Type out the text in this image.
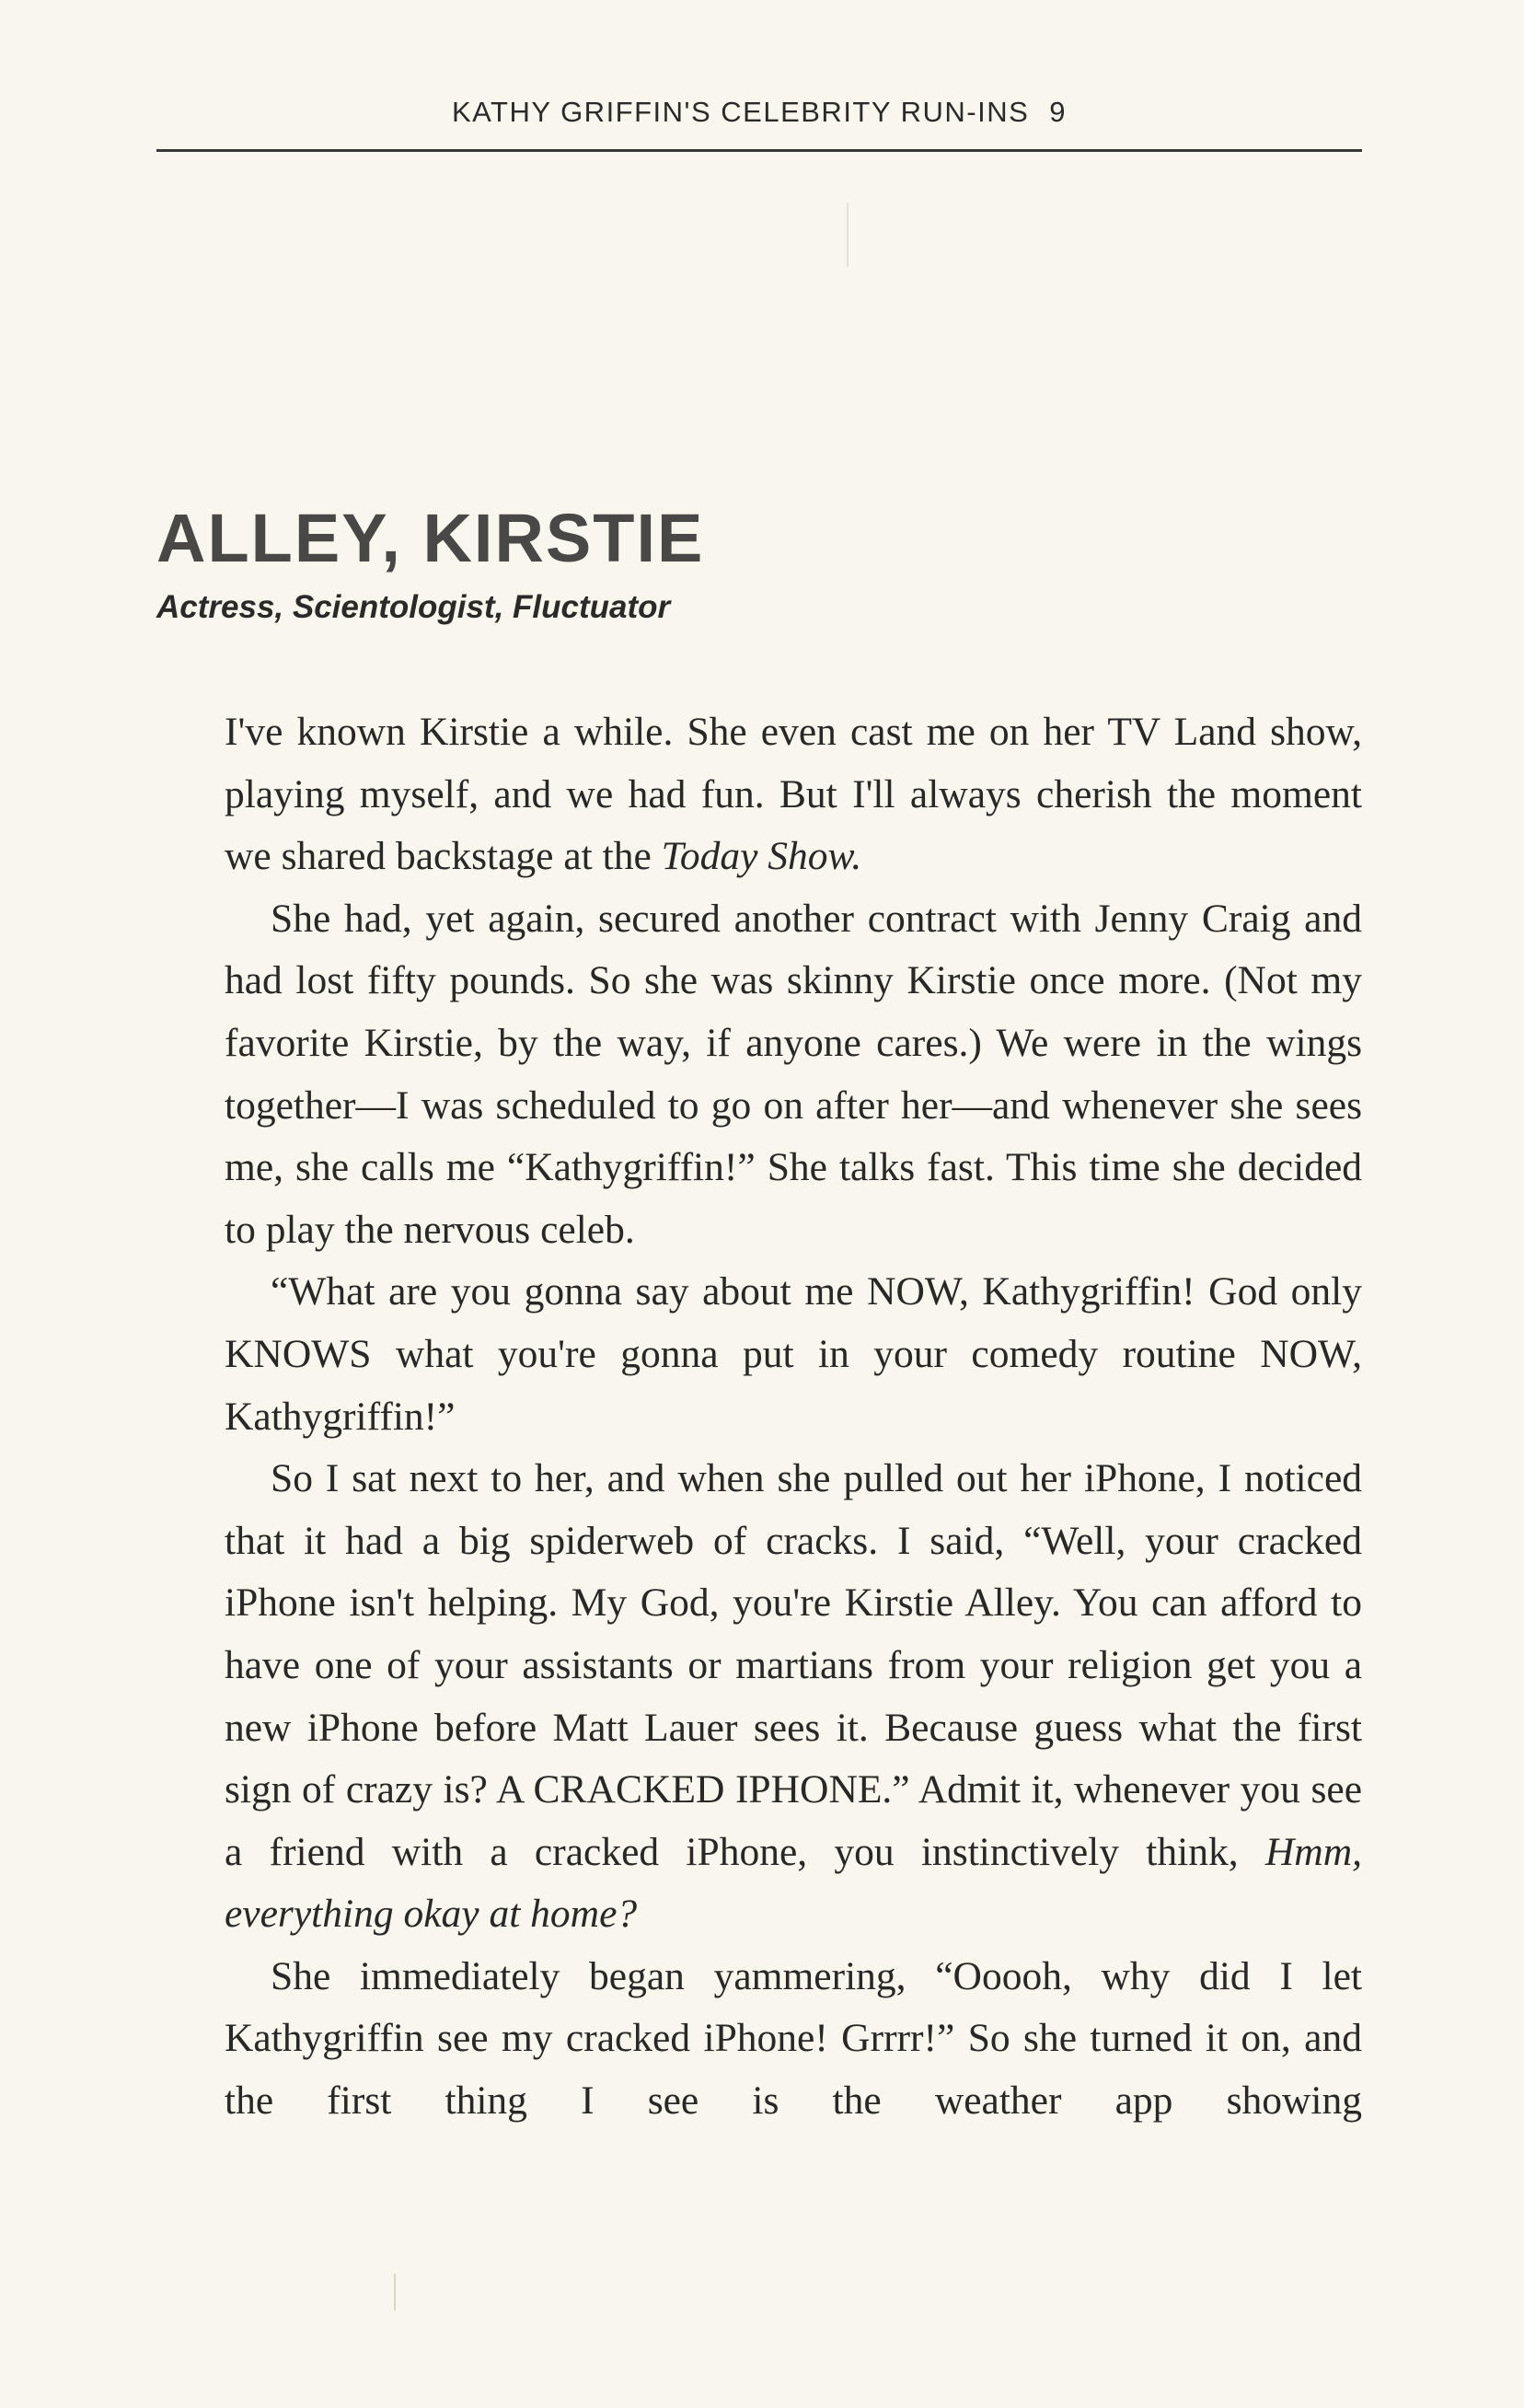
KATHY GRIFFIN'S CELEBRITY RUN-INS 9
ALLEY, KIRSTIE

Actress, Scientologist, Fluctuator

I've known Kirstie a while. She even cast me on her TV Land show, playing myself, and we had fun. But I'll always cherish the moment we shared backstage at the Today Show.

She had, yet again, secured another contract with Jenny Craig and had lost fifty pounds. So she was skinny Kirstie once more. (Not my favorite Kirstie, by the way, if anyone cares.) We were in the wings together—I was scheduled to go on after her—and whenever she sees me, she calls me “Kathygriffin!” She talks fast. This time she decided to play the nervous celeb.

“What are you gonna say about me NOW, Kathygriffin! God only KNOWS what you're gonna put in your comedy routine NOW, Kathygriffin!”

So I sat next to her, and when she pulled out her iPhone, I noticed that it had a big spiderweb of cracks. I said, “Well, your cracked iPhone isn't helping. My God, you're Kirstie Alley. You can afford to have one of your assistants or martians from your religion get you a new iPhone before Matt Lauer sees it. Because guess what the first sign of crazy is? A CRACKED IPHONE.” Admit it, whenever you see a friend with a cracked iPhone, you instinctively think, Hmm, everything okay at home?

She immediately began yammering, “Ooooh, why did I let Kathygriffin see my cracked iPhone! Grrrr!” So she turned it on, and the first thing I see is the weather app showing
